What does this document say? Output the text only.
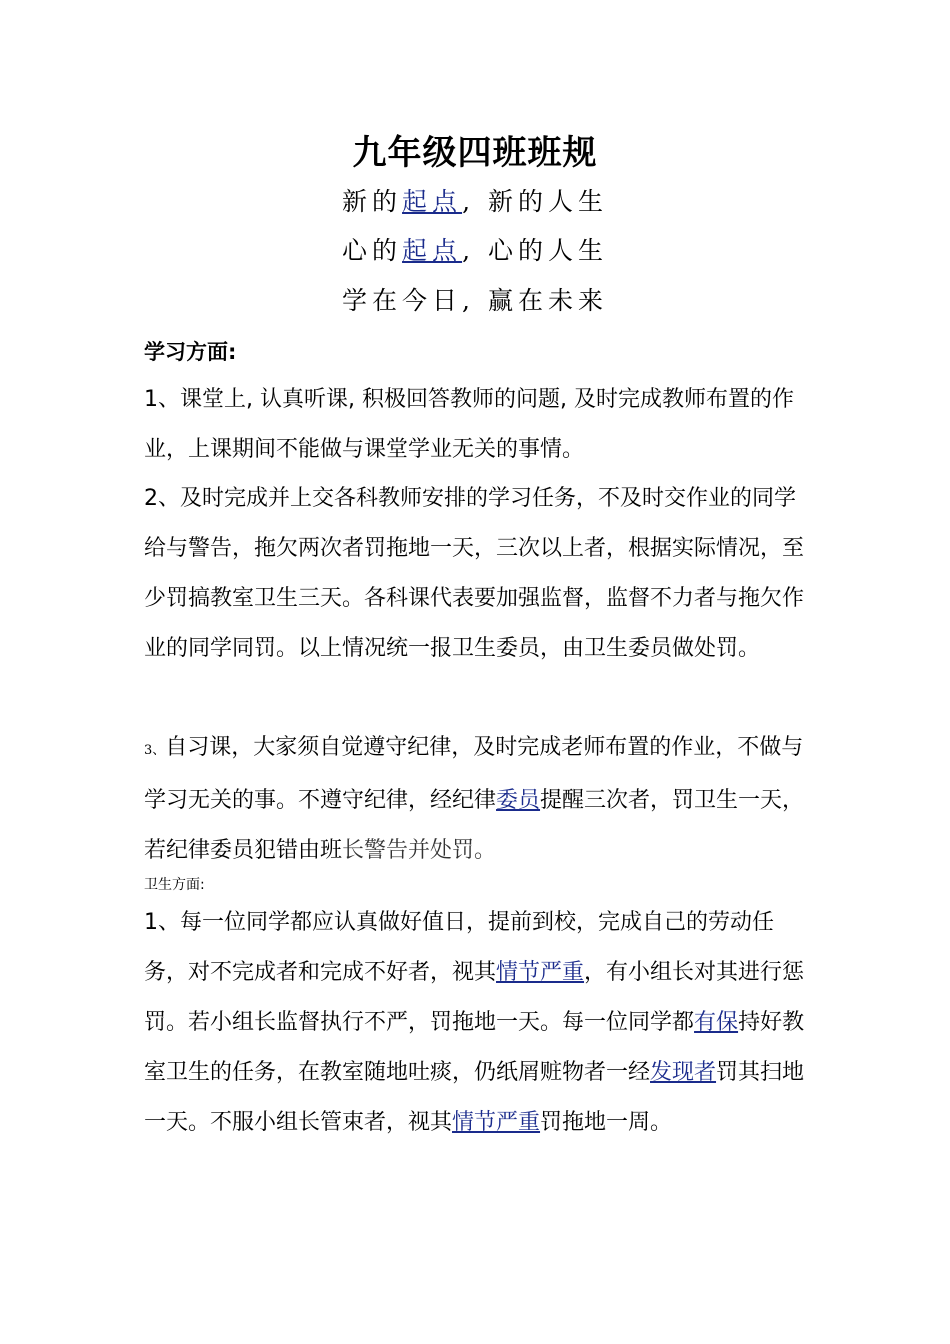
九年级四班班规
新的起点, 新的人生
心的起点, 心的人生
学在今日, 赢在未来
学习方面:
1、课堂上, 认真听课, 积极回答教师的问题, 及时完成教师布置的作业，上课期间不能做与课堂学业无关的事情。
2、及时完成并上交各科教师安排的学习任务，不及时交作业的同学给与警告，拖欠两次者罚拖地一天，三次以上者，根据实际情况，至少罚搞教室卫生三天。各科课代表要加强监督，监督不力者与拖欠作业的同学同罚。以上情况统一报卫生委员，由卫生委员做处罚。
3、自习课，大家须自觉遵守纪律，及时完成老师布置的作业，不做与学习无关的事。不遵守纪律，经纪律委员提醒三次者，罚卫生一天，若纪律委员犯错由班长警告并处罚。
卫生方面:
1、每一位同学都应认真做好值日，提前到校，完成自己的劳动任务，对不完成者和完成不好者，视其情节严重，有小组长对其进行惩罚。若小组长监督执行不严，罚拖地一天。每一位同学都有保持好教室卫生的任务，在教室随地吐痰，仍纸屑赃物者一经发现者罚其扫地一天。不服小组长管束者，视其情节严重罚拖地一周。
